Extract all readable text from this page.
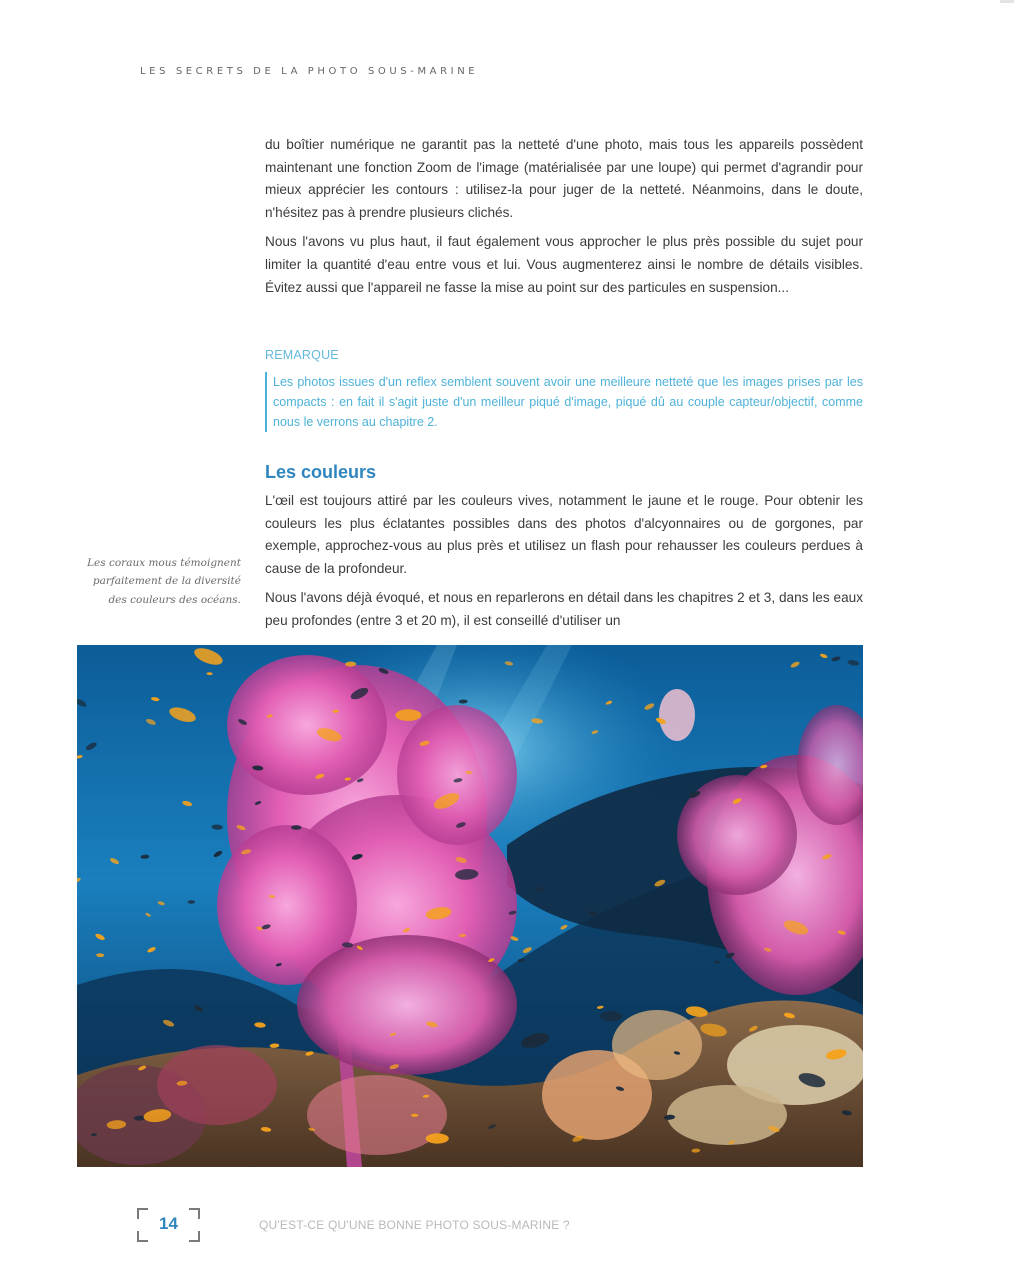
LES SECRETS DE LA PHOTO SOUS-MARINE

du boîtier numérique ne garantit pas la netteté d'une photo, mais tous les appareils possèdent maintenant une fonction Zoom de l'image (matérialisée par une loupe) qui permet d'agrandir pour mieux apprécier les contours : utilisez-la pour juger de la netteté. Néanmoins, dans le doute, n'hésitez pas à prendre plusieurs clichés.

Nous l'avons vu plus haut, il faut également vous approcher le plus près possible du sujet pour limiter la quantité d'eau entre vous et lui. Vous augmenterez ainsi le nombre de détails visibles. Évitez aussi que l'appareil ne fasse la mise au point sur des particules en suspension...

REMARQUE

Les photos issues d'un reflex semblent souvent avoir une meilleure netteté que les images prises par les compacts : en fait il s'agit juste d'un meilleur piqué d'image, piqué dû au couple capteur/objectif, comme nous le verrons au chapitre 2.

Les couleurs

L'œil est toujours attiré par les couleurs vives, notamment le jaune et le rouge. Pour obtenir les couleurs les plus éclatantes possibles dans des photos d'alcyonnaires ou de gorgones, par exemple, approchez-vous au plus près et utilisez un flash pour rehausser les couleurs perdues à cause de la profondeur.

Nous l'avons déjà évoqué, et nous en reparlerons en détail dans les chapitres 2 et 3, dans les eaux peu profondes (entre 3 et 20 m), il est conseillé d'utiliser un

Les coraux mous témoignent parfaitement de la diversité des couleurs des océans.
14	QU'EST-CE QU'UNE BONNE PHOTO SOUS-MARINE ?
